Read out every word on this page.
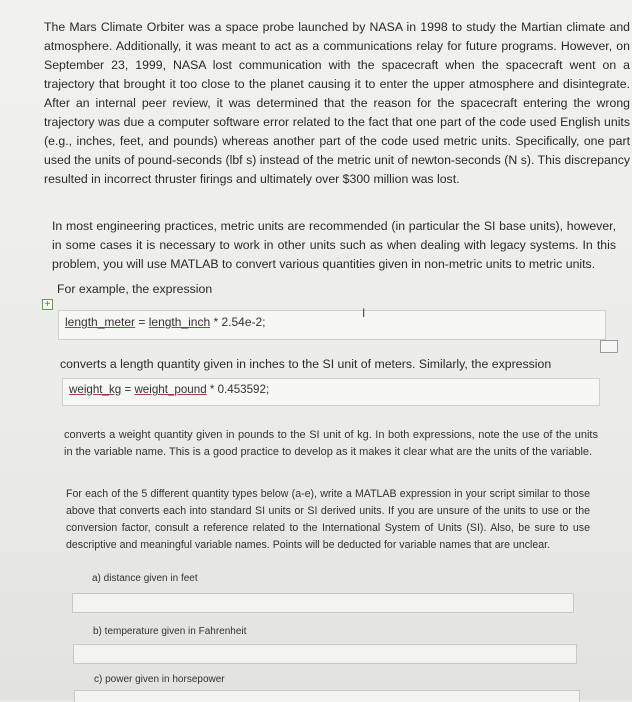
The Mars Climate Orbiter was a space probe launched by NASA in 1998 to study the Martian climate and atmosphere. Additionally, it was meant to act as a communications relay for future programs. However, on September 23, 1999, NASA lost communication with the spacecraft when the spacecraft went on a trajectory that brought it too close to the planet causing it to enter the upper atmosphere and disintegrate. After an internal peer review, it was determined that the reason for the spacecraft entering the wrong trajectory was due a computer software error related to the fact that one part of the code used English units (e.g., inches, feet, and pounds) whereas another part of the code used metric units. Specifically, one part used the units of pound-seconds (lbf s) instead of the metric unit of newton-seconds (N s). This discrepancy resulted in incorrect thruster firings and ultimately over $300 million was lost.

In most engineering practices, metric units are recommended (in particular the SI base units), however, in some cases it is necessary to work in other units such as when dealing with legacy systems. In this problem, you will use MATLAB to convert various quantities given in non-metric units to metric units.

For example, the expression
+
length_meter = length_inch * 2.54e-2;
I
converts a length quantity given in inches to the SI unit of meters. Similarly, the expression
weight_kg = weight_pound * 0.453592;
converts a weight quantity given in pounds to the SI unit of kg. In both expressions, note the use of the units in the variable name. This is a good practice to develop as it makes it clear what are the units of the variable.
For each of the 5 different quantity types below (a-e), write a MATLAB expression in your script similar to those above that converts each into standard SI units or SI derived units. If you are unsure of the units to use or the conversion factor, consult a reference related to the International System of Units (SI). Also, be sure to use descriptive and meaningful variable names. Points will be deducted for variable names that are unclear.
a) distance given in feet
b) temperature given in Fahrenheit
c) power given in horsepower
